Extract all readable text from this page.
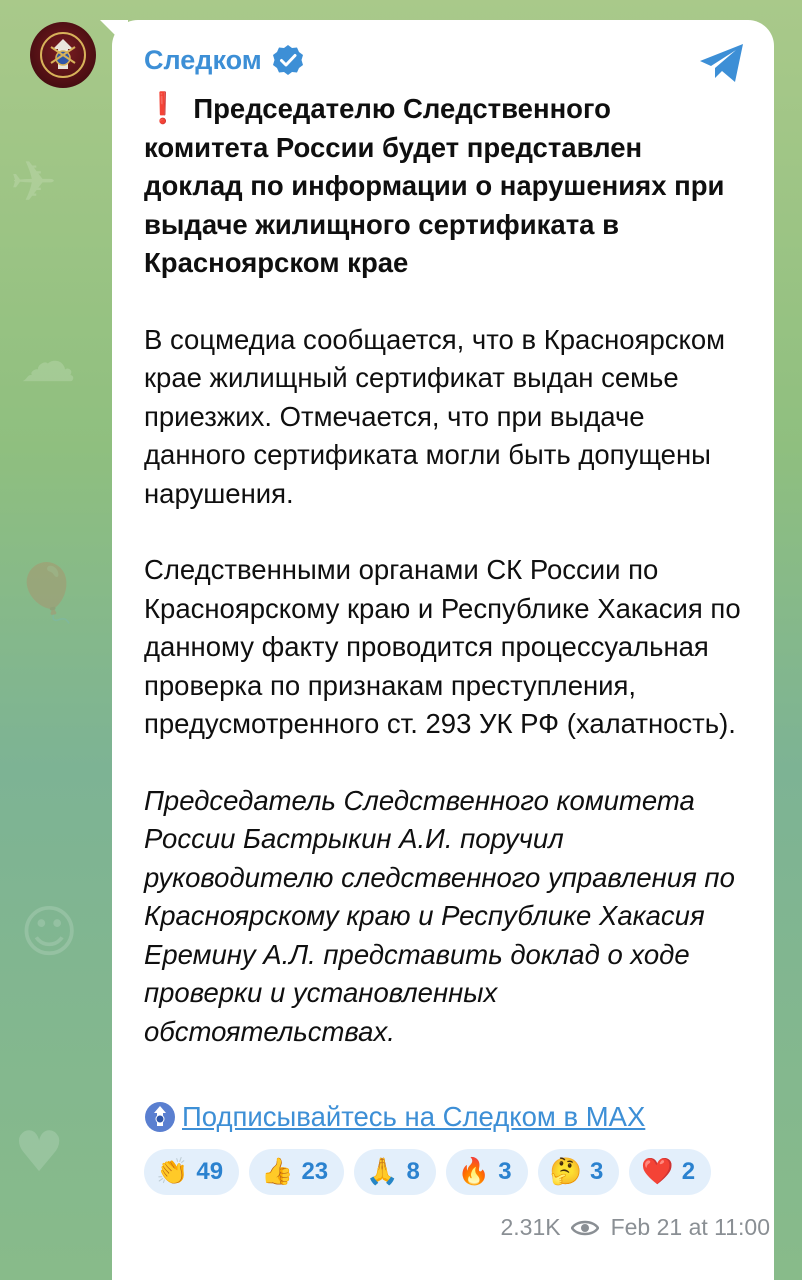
✈
☁
🎈
☺
♥
Следком

❗ Председателю Следственного комитета России будет представлен доклад по информации о нарушениях при выдаче жилищного сертификата в Красноярском крае

В соцмедиа сообщается, что в Красноярском крае жилищный сертификат выдан семье приезжих. Отмечается, что при выдаче данного сертификата могли быть допущены нарушения.

Следственными органами СК России по Красноярскому краю и Республике Хакасия по данному факту проводится процессуальная проверка по признакам преступления, предусмотренного ст. 293 УК РФ (халатность).

Председатель Следственного комитета России Бастрыкин А.И. поручил руководителю следственного управления по Красноярскому краю и Республике Хакасия Еремину А.Л. представить доклад о ходе проверки и установленных обстоятельствах.

Подписывайтесь на Следком в MAX
👏 49 👍 23 🙏 8 🔥 3 🤔 3 ❤️ 2
2.31K Feb 21 at 11:00
